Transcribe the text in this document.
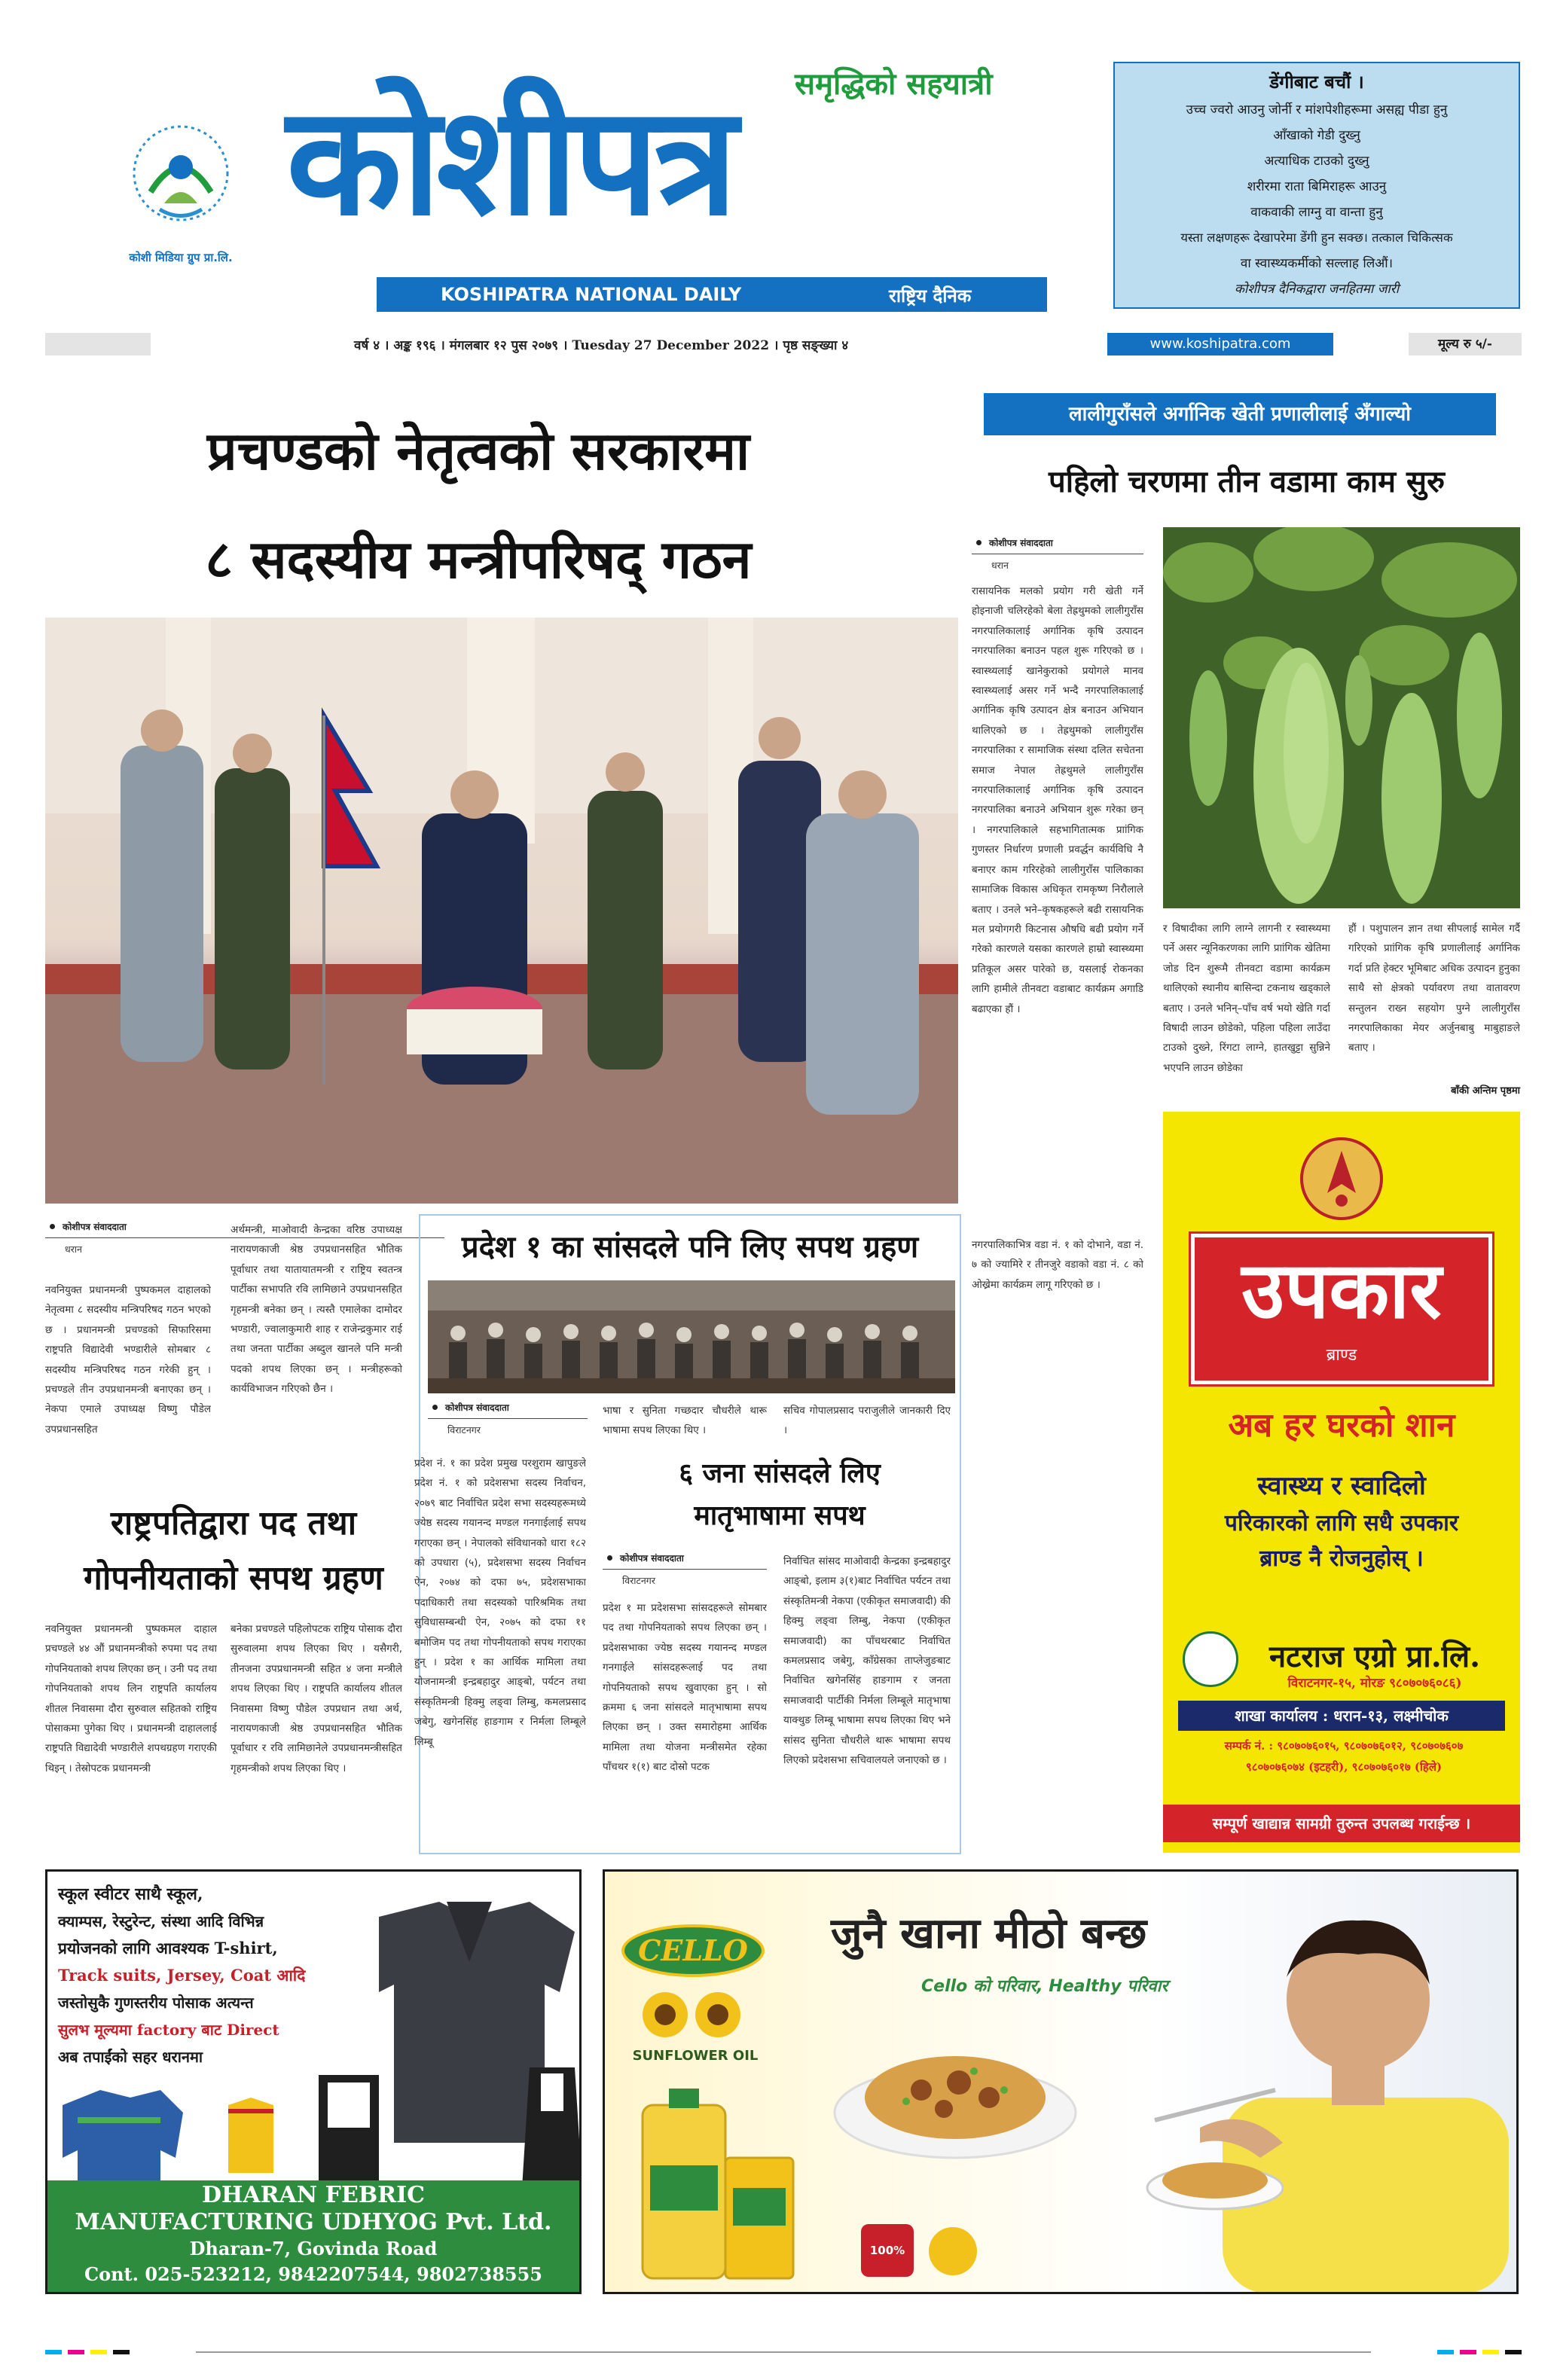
कोशी मिडिया ग्रुप प्रा.लि.
समृद्धिको सहयात्री
कोशीपत्र
KOSHIPATRA NATIONAL DAILY	राष्ट्रिय दैनिक
डेंगीबाट बचौं ।
उच्च ज्वरो आउनु जोर्नी र मांशपेशीहरूमा असह्य पीडा हुनु
आँखाको गेडी दुख्नु
अत्याधिक टाउको दुख्नु
शरीरमा राता बिमिराहरू आउनु
वाकवाकी लाग्नु वा वान्ता हुनु
यस्ता लक्षणहरू देखापरेमा डेंगी हुन सक्छ। तत्काल चिकित्सक
वा स्वास्थ्यकर्मीको सल्लाह लिऔं।
कोशीपत्र दैनिकद्वारा जनहितमा जारी
वर्ष ४ । अङ्क १९६ । मंगलबार १२ पुस २०७९ । Tuesday 27 December 2022 । पृष्ठ सङ्ख्या ४	www.koshipatra.com	मूल्य रु ५/-
प्रचण्डको नेतृत्वको सरकारमा
८ सदस्यीय मन्त्रीपरिषद् गठन
कोशीपत्र संवाददाता
धरान
नवनियुक्त प्रधानमन्त्री पुष्पकमल दाहालको नेतृत्वमा ८ सदस्यीय मन्त्रिपरिषद गठन भएको छ । प्रधानमन्त्री प्रचण्डको सिफारिसमा राष्ट्रपति विद्यादेवी भण्डारीले सोमबार ८ सदस्यीय मन्त्रिपरिषद गठन गरेकी हुन् । प्रचण्डले तीन उपप्रधानमन्त्री बनाएका छन् । नेकपा एमाले उपाध्यक्ष विष्णु पौडेल उपप्रधानसहित
अर्थमन्त्री, माओवादी केन्द्रका वरिष्ठ उपाध्यक्ष नारायणकाजी श्रेष्ठ उपप्रधानसहित भौतिक पूर्वाधार तथा यातायातमन्त्री र राष्ट्रिय स्वतन्त्र पार्टीका सभापति रवि लामिछाने उपप्रधानसहित गृहमन्त्री बनेका छन् । त्यस्तै एमालेका दामोदर भण्डारी, ज्वालाकुमारी शाह र राजेन्द्रकुमार राई तथा जनता पार्टीका अब्दुल खानले पनि मन्त्री पदको शपथ लिएका छन् । मन्त्रीहरूको कार्यविभाजन गरिएको छैन ।
राष्ट्रपतिद्वारा पद तथा
गोपनीयताको सपथ ग्रहण
नवनियुक्त प्रधानमन्त्री पुष्पकमल दाहाल प्रचण्डले ४४ औं प्रधानमन्त्रीको रुपमा पद तथा गोपनियताको शपथ लिएका छन् । उनी पद तथा गोपनियताको शपथ लिन राष्ट्रपति कार्यालय शीतल निवासमा दौरा सुरुवाल सहितको राष्ट्रिय पोसाकमा पुगेका थिए । प्रधानमन्त्री दाहाललाई राष्ट्रपति विद्यादेवी भण्डारीले शपथग्रहण गराएकी थिइन् । तेस्रोपटक प्रधानमन्त्री
बनेका प्रचण्डले पहिलोपटक राष्ट्रिय पोसाक दौरा सुरुवालमा शपथ लिएका थिए । यसैगरी, तीनजना उपप्रधानमन्त्री सहित ४ जना मन्त्रीले शपथ लिएका थिए । राष्ट्रपति कार्यालय शीतल निवासमा विष्णु पौडेल उपप्रधान तथा अर्थ, नारायणकाजी श्रेष्ठ उपप्रधानसहित भौतिक पूर्वाधार र रवि लामिछानेले उपप्रधानमन्त्रीसहित गृहमन्त्रीको शपथ लिएका थिए ।
प्रदेश १ का सांसदले पनि लिए सपथ ग्रहण
कोशीपत्र संवाददाता
विराटनगर
प्रदेश नं. १ का प्रदेश प्रमुख परशुराम खापुङले प्रदेश नं. १ को प्रदेशसभा सदस्य निर्वाचन, २०७९ बाट निर्वाचित प्रदेश सभा सदस्यहरूमध्ये ज्येष्ठ सदस्य गयानन्द मण्डल गनगाईलाई सपथ गराएका छन् । नेपालको संविधानको धारा १८२ को उपधारा (५), प्रदेशसभा सदस्य निर्वाचन ऐन, २०७४ को दफा ७५, प्रदेशसभाका पदाधिकारी तथा सदस्यको पारिश्रमिक तथा सुविधासम्बन्धी ऐन, २०७५ को दफा ११ बमोजिम पद तथा गोपनीयताको सपथ गराएका हुन् । प्रदेश १ का आर्थिक मामिला तथा योजनामन्त्री इन्द्रबहादुर आङ्बो, पर्यटन तथा संस्कृतिमन्त्री हिक्मु लङ्वा लिम्बु, कमलप्रसाद जबेगु, खगेनसिंह हाङगाम र निर्मला लिम्बूले लिम्बू
भाषा र सुनिता गच्छदार चौधरीले थारू भाषामा सपथ लिएका थिए ।
सचिव गोपालप्रसाद पराजुलीले जानकारी दिए ।
६ जना सांसदले लिए
मातृभाषामा सपथ
कोशीपत्र संवाददाता
विराटनगर
प्रदेश १ मा प्रदेशसभा सांसदहरूले सोमबार पद तथा गोपनियताको सपथ लिएका छन् । प्रदेशसभाका ज्येष्ठ सदस्य गयानन्द मण्डल गनगाईले सांसदहरूलाई पद तथा गोपनियताको सपथ खुवाएका हुन् । सो क्रममा ६ जना सांसदले मातृभाषामा सपथ लिएका छन् । उक्त समारोहमा आर्थिक मामिला तथा योजना मन्त्रीसमेत रहेका पाँचथर १(१) बाट दोस्रो पटक
निर्वाचित सांसद माओवादी केन्द्रका इन्द्रबहादुर आङ्बो, इलाम ३(१)बाट निर्वाचित पर्यटन तथा संस्कृतिमन्त्री नेकपा (एकीकृत समाजवादी) की हिक्मु लङ्वा लिम्बु, नेकपा (एकीकृत समाजवादी) का पाँचथरबाट निर्वाचित कमलप्रसाद जबेगु, काँग्रेसका ताप्लेजुङबाट निर्वाचित खगेनसिंह हाङगाम र जनता समाजवादी पार्टीकी निर्मला लिम्बूले मातृभाषा याक्थुङ लिम्बू भाषामा सपथ लिएका थिए भने सांसद सुनिता चौधरीले थारू भाषामा सपथ लिएको प्रदेशसभा सचिवालयले जनाएको छ ।
लालीगुराँसले अर्गानिक खेती प्रणालीलाई अँगाल्यो
पहिलो चरणमा तीन वडामा काम सुरु
कोशीपत्र संवाददाता
धरान
रासायनिक मलको प्रयोग गरी खेती गर्ने होइनाजी चलिरहेको बेला तेह्रथुमको लालीगुराँस नगरपालिकालाई अर्गानिक कृषि उत्पादन नगरपालिका बनाउन पहल शुरू गरिएको छ । स्वास्थ्यलाई खानेकुराको प्रयोगले मानव स्वास्थ्यलाई असर गर्ने भन्दै नगरपालिकालाई अर्गानिक कृषि उत्पादन क्षेत्र बनाउन अभियान थालिएको छ । तेह्रथुमको लालीगुराँस नगरपालिका र सामाजिक संस्था दलित सचेतना समाज नेपाल तेह्रथुमले लालीगुराँस नगरपालिकालाई अर्गानिक कृषि उत्पादन नगरपालिका बनाउने अभियान शुरू गरेका छन् । नगरपालिकाले सहभागितात्मक प्राांगिक गुणस्तर निर्धारण प्रणाली प्रवर्द्धन कार्यविधि नै बनाएर काम गरिरहेको लालीगुराँस पालिकाका सामाजिक विकास अधिकृत रामकृष्ण निरौलाले बताए । उनले भने–कृषकहरूले बढी रासायनिक मल प्रयोगगरी किटनास औषधि बढी प्रयोग गर्ने गरेको कारणले यसका कारणले हाम्रो स्वास्थ्यमा प्रतिकूल असर पारेको छ, यसलाई रोकनका लागि हामीले तीनवटा वडाबाट कार्यक्रम अगाडि बढाएका हौं ।
नगरपालिकाभित्र वडा नं. १ को दोभाने, वडा नं. ७ को ज्यामिरे र तीनजुरे वडाको वडा नं. ८ को ओख्रेमा कार्यक्रम लागू गरिएको छ ।
र विषादीका लागि लाग्ने लागनी र स्वास्थ्यमा पर्ने असर न्यूनिकरणका लागि प्राांगिक खेतिमा जोड दिन शुरूमै तीनवटा वडामा कार्यक्रम थालिएको स्थानीय बासिन्दा टकनाथ खड्काले बताए । उनले भनिन्–पाँच वर्ष भयो खेति गर्दा विषादी लाउन छोडेको, पहिला पहिला लाउँदा टाउको दुख्ने, रिंगटा लाग्ने, हातखुट्टा सुन्निने भएपनि लाउन छोडेका
हौं । पशुपालन ज्ञान तथा सीपलाई सामेल गर्दै गरिएको प्राांगिक कृषि प्रणालीलाई अर्गानिक गर्दा प्रति हेक्टर भूमिबाट अधिक उत्पादन हुनुका साथै सो क्षेत्रको पर्यावरण तथा वातावरण सन्तुलन राख्न सहयोग पुग्ने लालीगुराँस नगरपालिकाका मेयर अर्जुनबाबु माबुहाङले बताए ।
बाँकी अन्तिम पृष्ठमा
उपकार
ब्राण्ड
अब हर घरको शान
स्वास्थ्य र स्वादिलो
परिकारको लागि सधै उपकार
ब्राण्ड नै रोजनुहोस् ।
नटराज एग्रो प्रा.लि.
विराटनगर-१५, मोरङ ९८०७०७६०८६)
शाखा कार्यालय : धरान-१३, लक्ष्मीचोक
सम्पर्क नं. : ९८०७०७६०१५, ९८०७०७६०१२, ९८०७०७६०७
९८०७०७६०७४ (इटहरी), ९८०७०७६०१७ (हिले)
सम्पूर्ण खाद्यान्न सामग्री तुरुन्त उपलब्ध गराईन्छ ।
स्कूल स्वीटर साथै स्कूल,
क्याम्पस, रेस्टुरेन्ट, संस्था आदि विभिन्न
प्रयोजनको लागि आवश्यक T-shirt,
Track suits, Jersey, Coat आदि
जस्तोसुकै गुणस्तरीय पोसाक अत्यन्त
सुलभ मूल्यमा factory बाट Direct
अब तपाईंको सहर धरानमा
DHARAN FEBRIC
MANUFACTURING UDHYOG Pvt. Ltd.
Dharan-7, Govinda Road
Cont. 025-523212, 9842207544, 9802738555
CELLO
SUNFLOWER OIL
जुनै खाना मीठो बन्छ
Cello को परिवार, Healthy परिवार
100%
